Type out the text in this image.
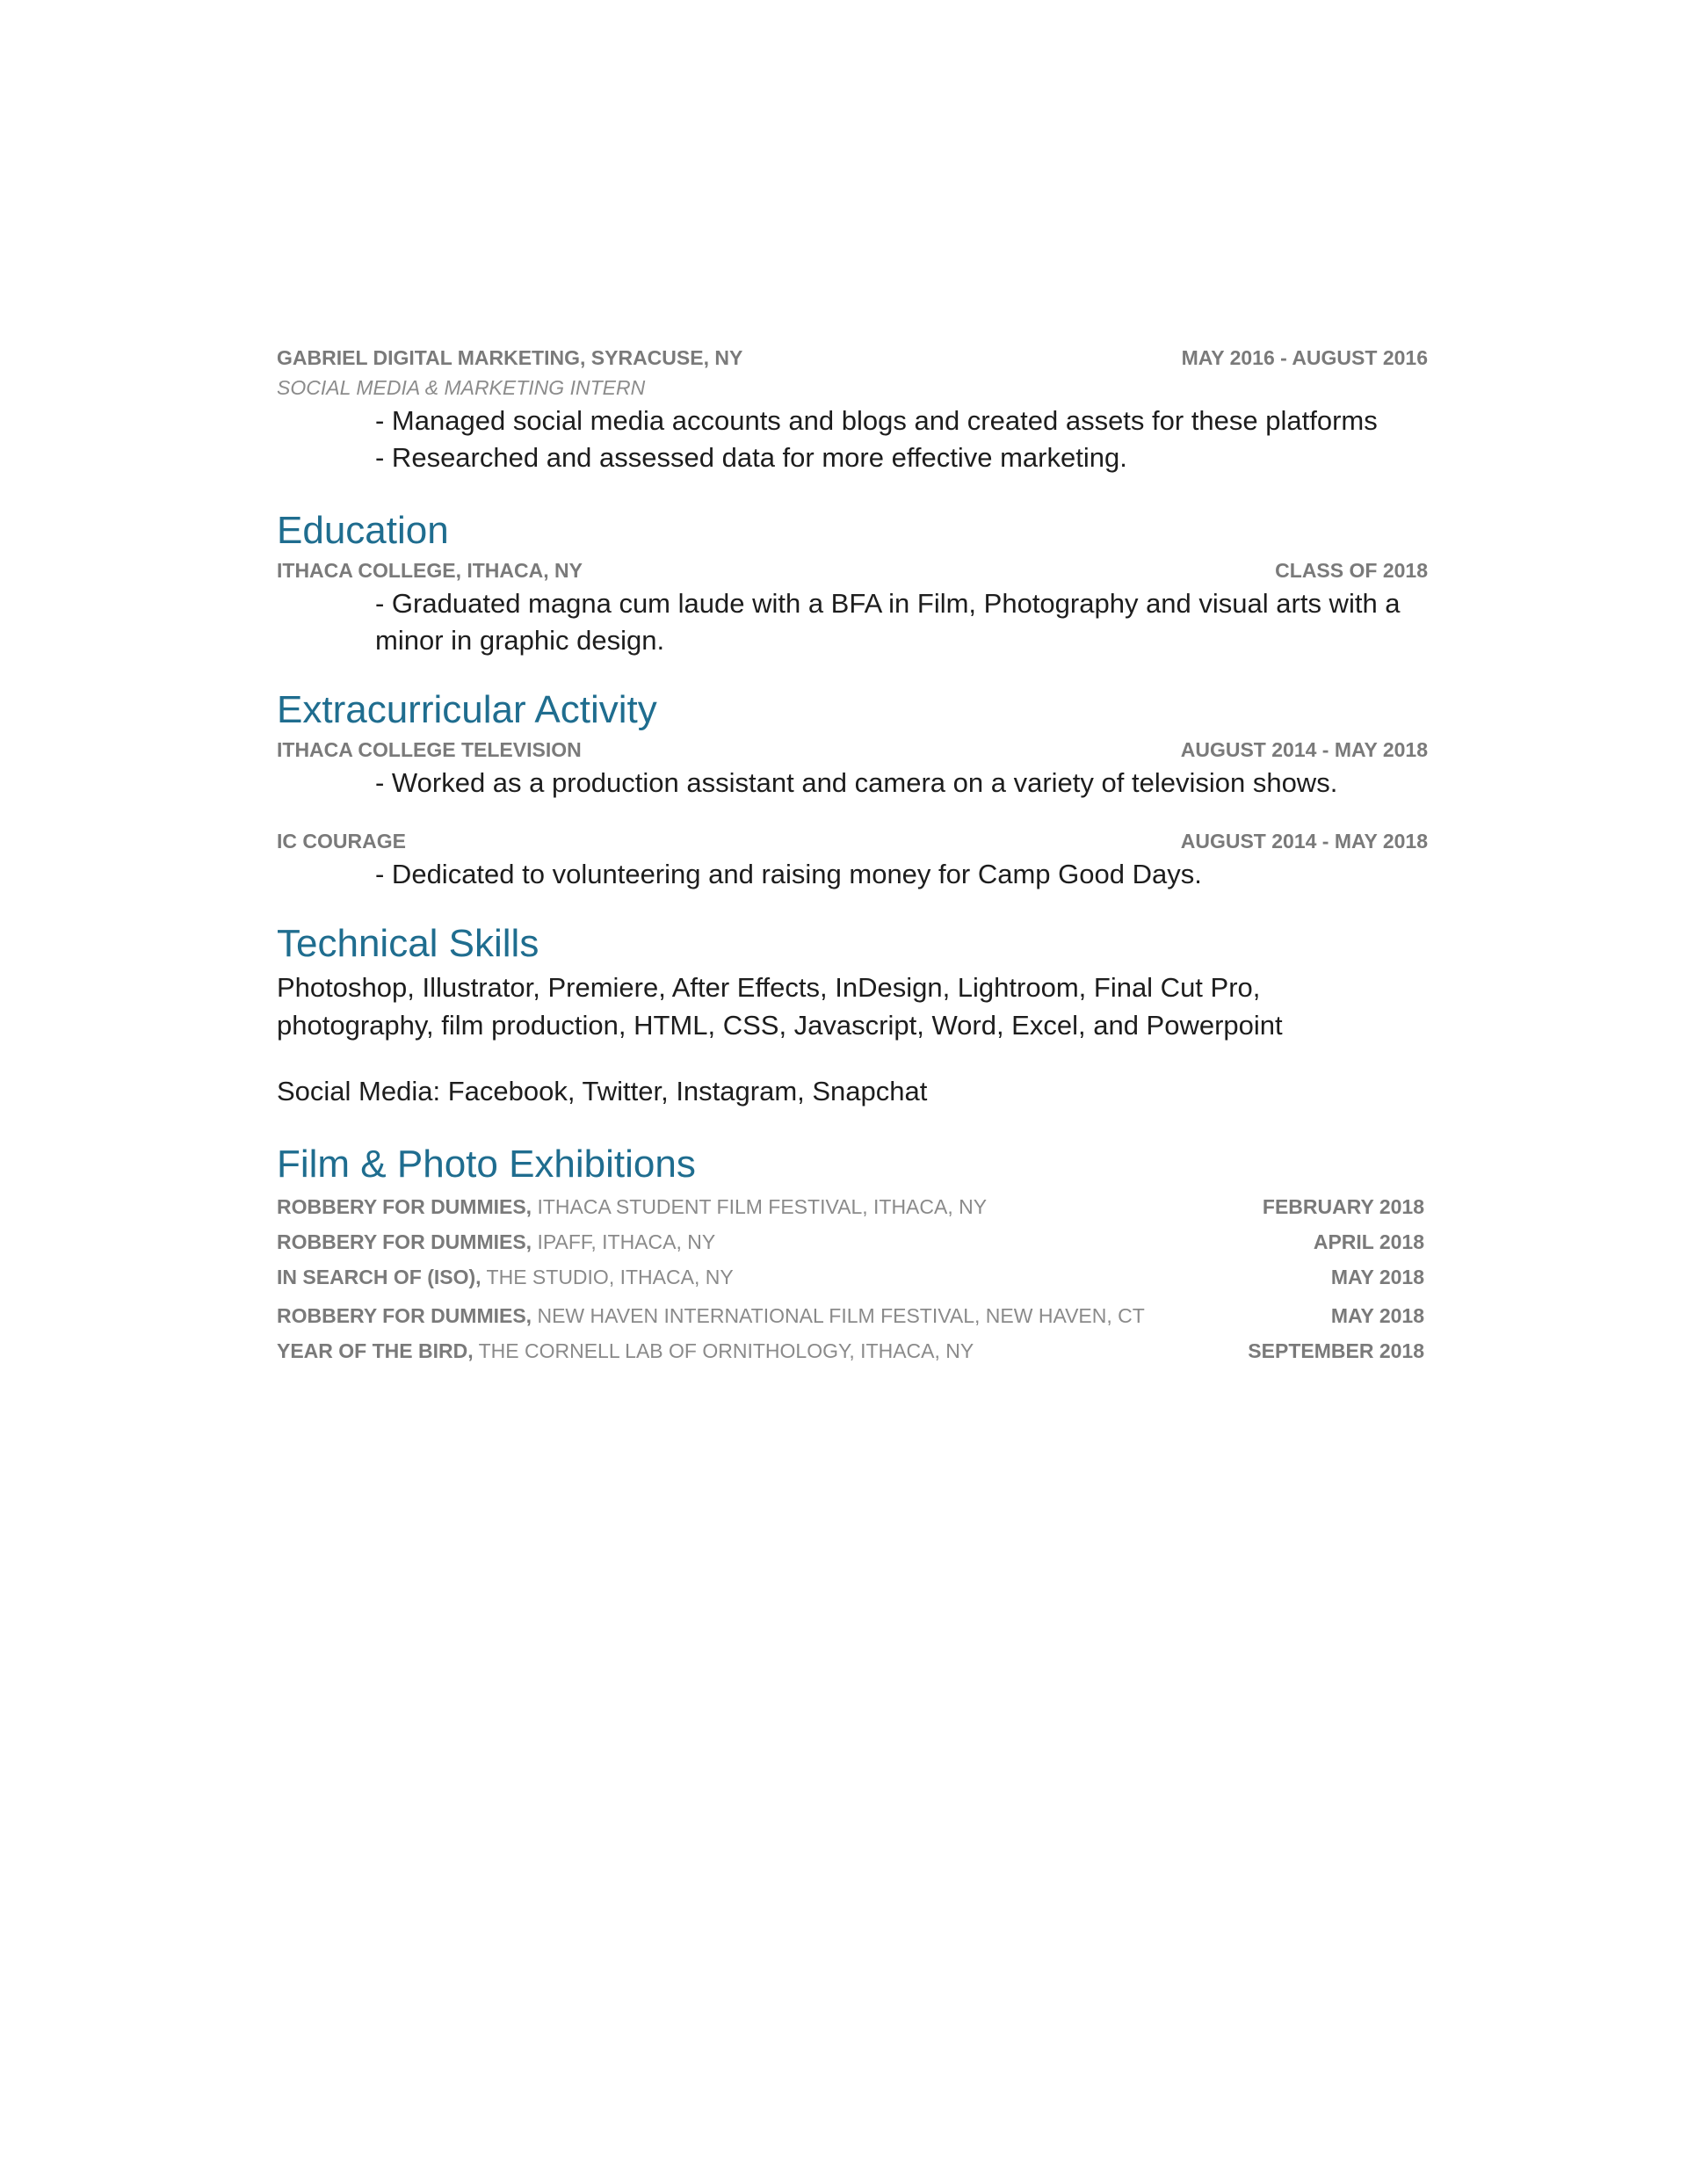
GABRIEL DIGITAL MARKETING, SYRACUSE, NY	MAY 2016 - AUGUST 2016
SOCIAL MEDIA & MARKETING INTERN
- Managed social media accounts and blogs and created assets for these platforms
- Researched and assessed data for more effective marketing.
Education
ITHACA COLLEGE, ITHACA, NY	CLASS OF 2018
- Graduated magna cum laude with a BFA in Film, Photography and visual arts with a
minor in graphic design.
Extracurricular Activity
ITHACA COLLEGE TELEVISION	AUGUST 2014 - MAY 2018
- Worked as a production assistant and camera on a variety of television shows.
IC COURAGE	AUGUST 2014 - MAY 2018
- Dedicated to volunteering and raising money for Camp Good Days.
Technical Skills
Photoshop, Illustrator, Premiere, After Effects, InDesign, Lightroom, Final Cut Pro,
photography, film production, HTML, CSS, Javascript, Word, Excel, and Powerpoint
Social Media: Facebook, Twitter, Instagram, Snapchat
Film & Photo Exhibitions
ROBBERY FOR DUMMIES, ITHACA STUDENT FILM FESTIVAL, ITHACA, NY	FEBRUARY 2018
ROBBERY FOR DUMMIES, IPAFF, ITHACA, NY	APRIL 2018
IN SEARCH OF (ISO), THE STUDIO, ITHACA, NY	MAY 2018
ROBBERY FOR DUMMIES, NEW HAVEN INTERNATIONAL FILM FESTIVAL, NEW HAVEN, CT	MAY 2018
YEAR OF THE BIRD, THE CORNELL LAB OF ORNITHOLOGY, ITHACA, NY	SEPTEMBER 2018
